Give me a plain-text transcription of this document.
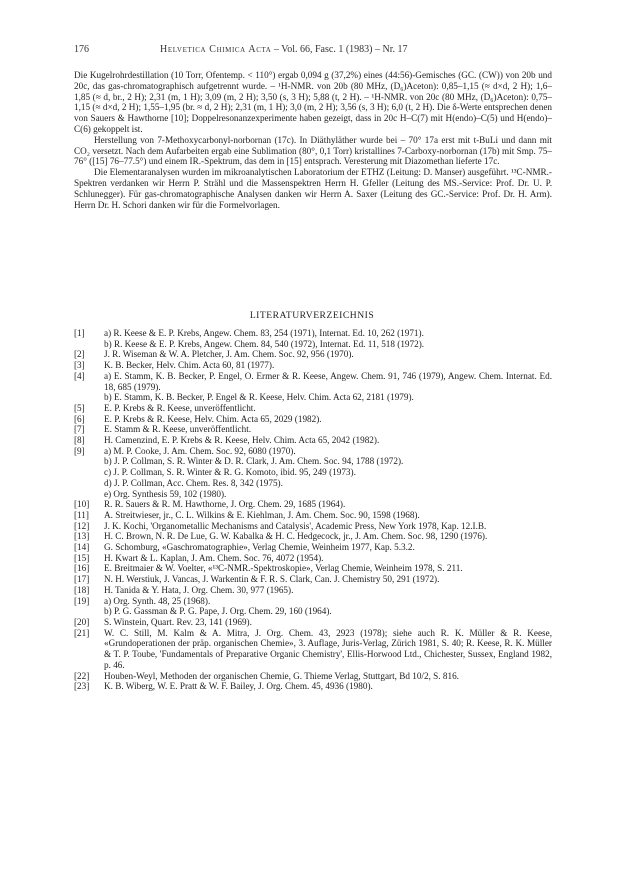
176	Helvetica Chimica Acta – Vol. 66, Fasc. 1 (1983) – Nr. 17

Die Kugelrohrdestillation (10 Torr, Ofentemp. < 110°) ergab 0,094 g (37,2%) eines (44:56)-Gemisches (GC. (CW)) von 20b und 20c, das gas-chromatographisch aufgetrennt wurde. – ¹H-NMR. von 20b (80 MHz, (D₆)Aceton): 0,85–1,15 (≈ d×d, 2 H); 1,6–1,85 (≈ d, br., 2 H); 2,31 (m, 1 H); 3,09 (m, 2 H); 3,50 (s, 3 H); 5,88 (t, 2 H). – ¹H-NMR. von 20c (80 MHz, (D₆)Aceton): 0,75–1,15 (≈ d×d, 2 H); 1,55–1,95 (br. ≈ d, 2 H); 2,31 (m, 1 H); 3,0 (m, 2 H); 3,56 (s, 3 H); 6,0 (t, 2 H). Die δ-Werte entsprechen denen von Sauers & Hawthorne [10]; Doppelresonanzexperimente haben gezeigt, dass in 20c H–C(7) mit H(endo)–C(5) und H(endo)–C(6) gekoppelt ist.

Herstellung von 7-Methoxycarbonyl-norbornan (17c). In Diäthyläther wurde bei – 70° 17a erst mit t-BuLi und dann mit CO₂ versetzt. Nach dem Aufarbeiten ergab eine Sublimation (80°, 0,1 Torr) kristallines 7-Carboxy-norbornan (17b) mit Smp. 75–76° ([15] 76–77.5°) und einem IR.-Spektrum, das dem in [15] entsprach. Veresterung mit Diazomethan lieferte 17c.

Die Elementaranalysen wurden im mikroanalytischen Laboratorium der ETHZ (Leitung: D. Manser) ausgeführt. ¹³C-NMR.-Spektren verdanken wir Herrn P. Strähl und die Massenspektren Herrn H. Gfeller (Leitung des MS.-Service: Prof. Dr. U. P. Schlunegger). Für gas-chromatographische Analysen danken wir Herrn A. Saxer (Leitung des GC.-Service: Prof. Dr. H. Arm). Herrn Dr. H. Schori danken wir für die Formelvorlagen.

LITERATURVERZEICHNIS
[1] a) R. Keese & E. P. Krebs, Angew. Chem. 83, 254 (1971), Internat. Ed. 10, 262 (1971).
b) R. Keese & E. P. Krebs, Angew. Chem. 84, 540 (1972), Internat. Ed. 11, 518 (1972).
[2] J. R. Wiseman & W. A. Pletcher, J. Am. Chem. Soc. 92, 956 (1970).
[3] K. B. Becker, Helv. Chim. Acta 60, 81 (1977).
[4] a) E. Stamm, K. B. Becker, P. Engel, O. Ermer & R. Keese, Angew. Chem. 91, 746 (1979), Angew. Chem. Internat. Ed. 18, 685 (1979).
b) E. Stamm, K. B. Becker, P. Engel & R. Keese, Helv. Chim. Acta 62, 2181 (1979).
[5] E. P. Krebs & R. Keese, unveröffentlicht.
[6] E. P. Krebs & R. Keese, Helv. Chim. Acta 65, 2029 (1982).
[7] E. Stamm & R. Keese, unveröffentlicht.
[8] H. Camenzind, E. P. Krebs & R. Keese, Helv. Chim. Acta 65, 2042 (1982).
[9] a) M. P. Cooke, J. Am. Chem. Soc. 92, 6080 (1970).
b) J. P. Collman, S. R. Winter & D. R. Clark, J. Am. Chem. Soc. 94, 1788 (1972).
c) J. P. Collman, S. R. Winter & R. G. Komoto, ibid. 95, 249 (1973).
d) J. P. Collman, Acc. Chem. Res. 8, 342 (1975).
e) Org. Synthesis 59, 102 (1980).
[10] R. R. Sauers & R. M. Hawthorne, J. Org. Chem. 29, 1685 (1964).
[11] A. Streitwieser, jr., C. L. Wilkins & E. Kiehlman, J. Am. Chem. Soc. 90, 1598 (1968).
[12] J. K. Kochi, 'Organometallic Mechanisms and Catalysis', Academic Press, New York 1978, Kap. 12.I.B.
[13] H. C. Brown, N. R. De Lue, G. W. Kabalka & H. C. Hedgecock, jr., J. Am. Chem. Soc. 98, 1290 (1976).
[14] G. Schomburg, «Gaschromatographie», Verlag Chemie, Weinheim 1977, Kap. 5.3.2.
[15] H. Kwart & L. Kaplan, J. Am. Chem. Soc. 76, 4072 (1954).
[16] E. Breitmaier & W. Voelter, «¹³C-NMR.-Spektroskopie», Verlag Chemie, Weinheim 1978, S. 211.
[17] N. H. Werstiuk, J. Vancas, J. Warkentin & F. R. S. Clark, Can. J. Chemistry 50, 291 (1972).
[18] H. Tanida & Y. Hata, J. Org. Chem. 30, 977 (1965).
[19] a) Org. Synth. 48, 25 (1968).
b) P. G. Gassman & P. G. Pape, J. Org. Chem. 29, 160 (1964).
[20] S. Winstein, Quart. Rev. 23, 141 (1969).
[21] W. C. Still, M. Kalm & A. Mitra, J. Org. Chem. 43, 2923 (1978); siehe auch R. K. Müller & R. Keese, «Grundoperationen der präp. organischen Chemie», 3. Auflage, Juris-Verlag, Zürich 1981, S. 40; R. Keese, R. K. Müller & T. P. Toube, 'Fundamentals of Preparative Organic Chemistry', Ellis-Horwood Ltd., Chichester, Sussex, England 1982, p. 46.
[22] Houben-Weyl, Methoden der organischen Chemie, G. Thieme Verlag, Stuttgart, Bd 10/2, S. 816.
[23] K. B. Wiberg, W. E. Pratt & W. F. Bailey, J. Org. Chem. 45, 4936 (1980).
